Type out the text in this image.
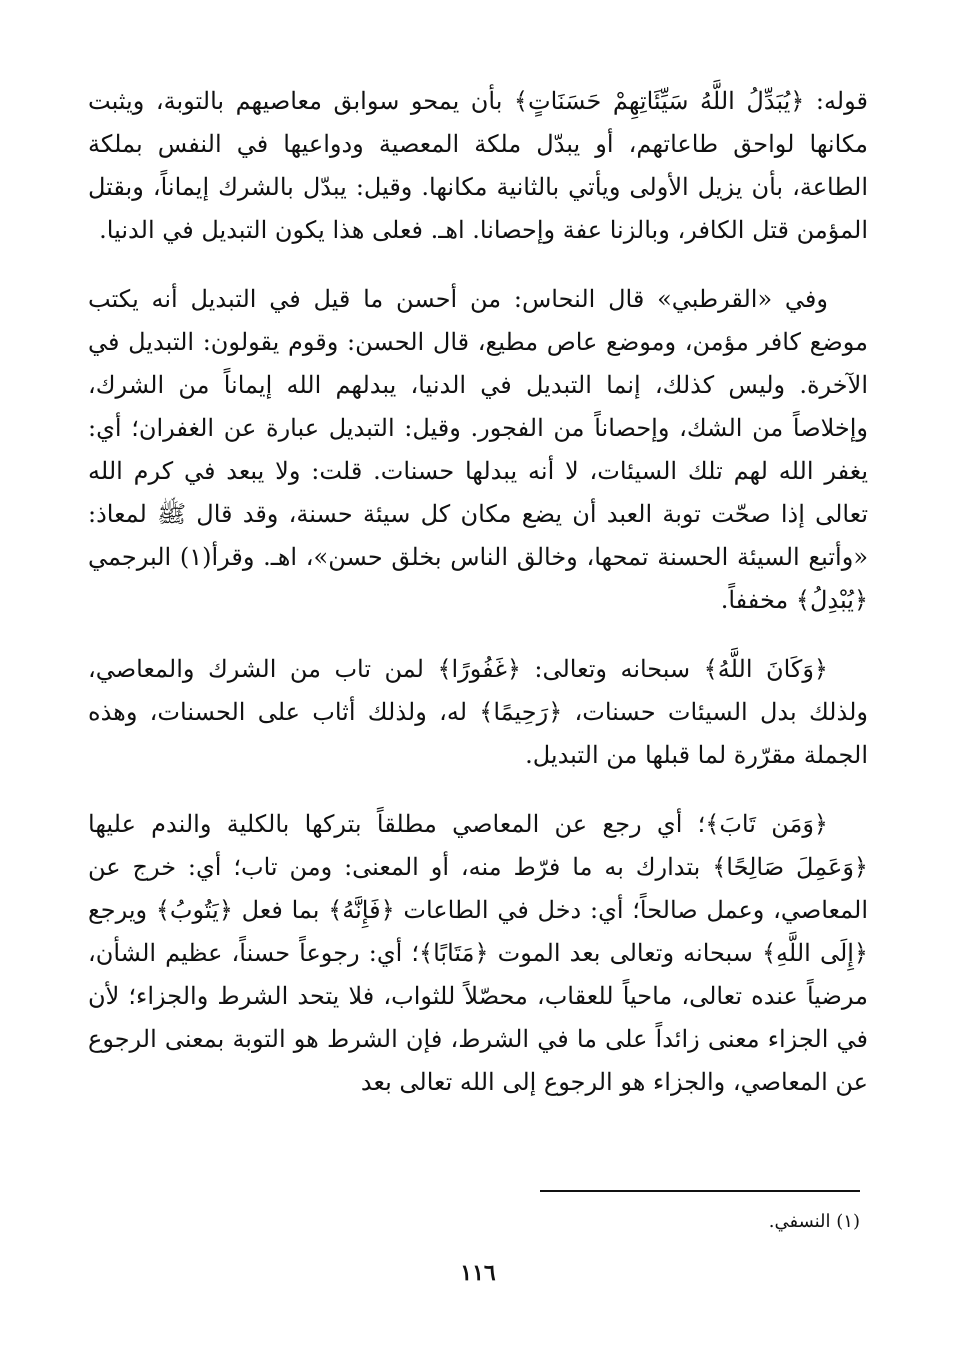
قوله: ﴿يُبَدِّلُ اللَّهُ سَيِّئَاتِهِمْ حَسَنَاتٍ﴾ بأن يمحو سوابق معاصيهم بالتوبة، ويثبت مكانها لواحق طاعاتهم، أو يبدّل ملكة المعصية ودواعيها في النفس بملكة الطاعة، بأن يزيل الأولى ويأتي بالثانية مكانها. وقيل: يبدّل بالشرك إيماناً، وبقتل المؤمن قتل الكافر، وبالزنا عفة وإحصانا. اهـ. فعلى هذا يكون التبديل في الدنيا.

وفي «القرطبي» قال النحاس: من أحسن ما قيل في التبديل أنه يكتب موضع كافر مؤمن، وموضع عاص مطيع، قال الحسن: وقوم يقولون: التبديل في الآخرة. وليس كذلك، إنما التبديل في الدنيا، يبدلهم الله إيماناً من الشرك، وإخلاصاً من الشك، وإحصاناً من الفجور. وقيل: التبديل عبارة عن الغفران؛ أي: يغفر الله لهم تلك السيئات، لا أنه يبدلها حسنات. قلت: ولا يبعد في كرم الله تعالى إذا صحّت توبة العبد أن يضع مكان كل سيئة حسنة، وقد قال ﷺ لمعاذ: «وأتبع السيئة الحسنة تمحها، وخالق الناس بخلق حسن»، اهـ. وقرأ(١) البرجمي ﴿يُبْدِلُ﴾ مخففاً.

﴿وَكَانَ اللَّهُ﴾ سبحانه وتعالى: ﴿غَفُورًا﴾ لمن تاب من الشرك والمعاصي، ولذلك بدل السيئات حسنات، ﴿رَحِيمًا﴾ له، ولذلك أثاب على الحسنات، وهذه الجملة مقرّرة لما قبلها من التبديل.

﴿وَمَن تَابَ﴾؛ أي رجع عن المعاصي مطلقاً بتركها بالكلية والندم عليها ﴿وَعَمِلَ صَالِحًا﴾ بتدارك به ما فرّط منه، أو المعنى: ومن تاب؛ أي: خرج عن المعاصي، وعمل صالحاً؛ أي: دخل في الطاعات ﴿فَإِنَّهُ﴾ بما فعل ﴿يَتُوبُ﴾ ويرجع ﴿إِلَى اللَّهِ﴾ سبحانه وتعالى بعد الموت ﴿مَتَابًا﴾؛ أي: رجوعاً حسناً، عظيم الشأن، مرضياً عنده تعالى، ماحياً للعقاب، محصّلاً للثواب، فلا يتحد الشرط والجزاء؛ لأن في الجزاء معنى زائداً على ما في الشرط، فإن الشرط هو التوبة بمعنى الرجوع عن المعاصي، والجزاء هو الرجوع إلى الله تعالى بعد

(١) النسفي.
١١٦
